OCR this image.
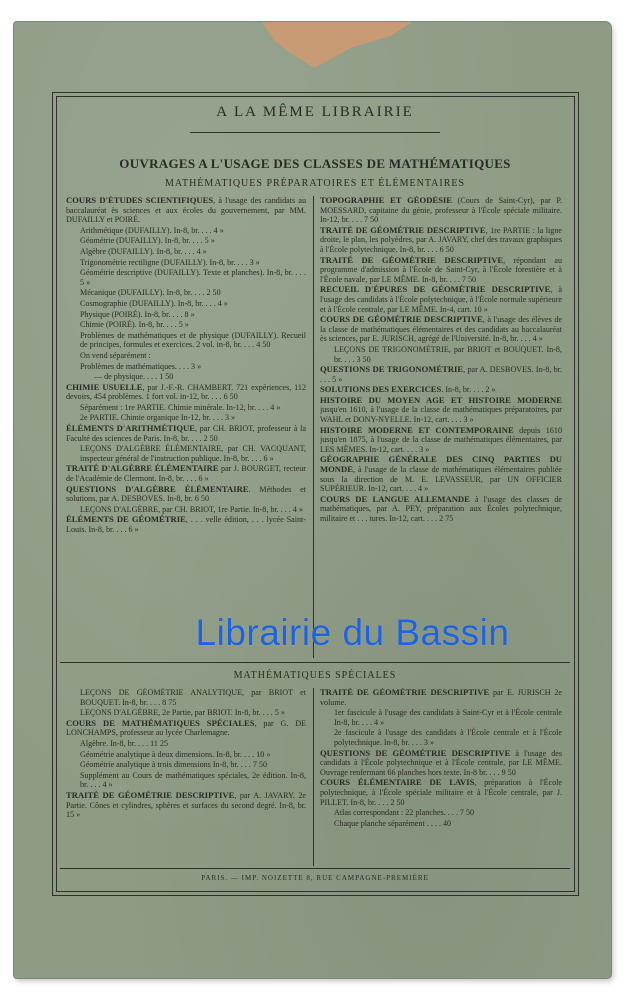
A LA MÊME LIBRAIRIE
OUVRAGES A L'USAGE DES CLASSES DE MATHÉMATIQUES
MATHÉMATIQUES PRÉPARATOIRES ET ÉLÉMENTAIRES

COURS D'ÉTUDES SCIENTIFIQUES, à l'usage des candidats au baccalauréat ès sciences et aux écoles du gouvernement, par MM. DUFAILLY et POIRÉ.

Arithmétique (DUFAILLY). In-8, br. . . . 4 »

Géométrie (DUFAILLY). In-8, br. . . . 5 »

Algèbre (DUFAILLY). In-8, br. . . . 4 »

Trigonométrie rectiligne (DUFAILLY). In-8, br. . . . 3 »

Géométrie descriptive (DUFAILLY). Texte et planches). In-8, br. . . . 5 »

Mécanique (DUFAILLY). In-8, br. . . . 2 50

Cosmographie (DUFAILLY). In-8, br. . . . 4 »

Physique (POIRÉ). In-8, br. . . . 8 »

Chimie (POIRÉ). In-8, br. . . . 5 »

Problèmes de mathématiques et de physique (DUFAILLY). Recueil de principes, formules et exercices. 2 vol. in-8, br. . . . 4 50

On vend séparément :

Problèmes de mathématiques. . . . 3 »

— de physique. . . . 1 50

CHIMIE USUELLE, par J.-F.-R. CHAMBERT. 721 expériences, 112 devoirs, 454 problèmes. 1 fort vol. in-12, br. . . . 6 50

Séparément : 1re PARTIE. Chimie minérale. In-12, br. . . . 4 »

2e PARTIE. Chimie organique In-12, br. . . . 3 »

ÉLÉMENTS D'ARITHMÉTIQUE, par CH. BRIOT, professeur à la Faculté des sciences de Paris. In-8, br. . . . 2 50

LEÇONS D'ALGÈBRE ÉLÉMENTAIRE, par CH. VACQUANT, inspecteur général de l'instruction publique. In-8, br. . . . 6 »

TRAITÉ D'ALGÈBRE ÉLÉMENTAIRE par J. BOURGET, recteur de l'Académie de Clermont. In-8, br. . . . 6 »

QUESTIONS D'ALGÈBRE ÉLÉMENTAIRE. Méthodes et solutions, par A. DESBOVES. In-8, br. 6 50

LEÇONS D'ALGÈBRE, par CH. BRIOT, 1re Partie. In-8, br. . . . 4 »

ÉLÉMENTS DE GÉOMÉTRIE, . . . velle édition, . . . lycée Saint-Louis. In-8, br. . . . 6 »

TOPOGRAPHIE ET GÉODÉSIE (Cours de Saint-Cyr), par P. MOESSARD, capitaine du génie, professeur à l'École spéciale militaire. In-12, br. . . . 7 50

TRAITÉ DE GÉOMÉTRIE DESCRIPTIVE, 1re PARTIE : la ligne droite, le plan, les polyèdres, par A. JAVARY, chef des travaux graphiques à l'École polytechnique. In-8, br. . . . 6 50

TRAITÉ DE GÉOMÉTRIE DESCRIPTIVE, répondant au programme d'admission à l'École de Saint-Cyr, à l'École forestière et à l'École navale, par LE MÊME. In-8, br. . . . 7 50

RECUEIL D'ÉPURES DE GÉOMÉTRIE DESCRIPTIVE, à l'usage des candidats à l'École polytechnique, à l'École normale supérieure et à l'École centrale, par LE MÊME. In-4, cart. 10 »

COURS DE GÉOMÉTRIE DESCRIPTIVE, à l'usage des élèves de la classe de mathématiques élémentaires et des candidats au baccalauréat ès sciences, par E. JURISCH, agrégé de l'Université. In-8, br. . . . 4 »

LEÇONS DE TRIGONOMÉTRIE, par BRIOT et BOUQUET. In-8, br. . . . 3 50

QUESTIONS DE TRIGONOMÉTRIE, par A. DESBOVES. In-8, br. . . . 5 »

SOLUTIONS DES EXERCICES. In-8, br. . . . 2 »

HISTOIRE DU MOYEN AGE ET HISTOIRE MODERNE jusqu'en 1610, à l'usage de la classe de mathématiques préparatoires, par WAHL et DONY-NYELLE. In-12, cart. . . . 3 »

HISTOIRE MODERNE ET CONTEMPORAINE depuis 1610 jusqu'en 1875, à l'usage de la classe de mathématiques élémentaires, par LES MÊMES. In-12, cart. . . . 3 »

GÉOGRAPHIE GÉNÉRALE DES CINQ PARTIES DU MONDE, à l'usage de la classe de mathématiques élémentaires publiée sous la direction de M. E. LEVASSEUR, par UN OFFICIER SUPÉRIEUR. In-12, cart. . . . 4 »

COURS DE LANGUE ALLEMANDE à l'usage des classes de mathématiques, par A. PEY, préparation aux Écoles polytechnique, militaire et . . . tures. In-12, cart. . . . 2 75

MATHÉMATIQUES SPÉCIALES

LEÇONS DE GÉOMÉTRIE ANALYTIQUE, par BRIOT et BOUQUET. In-8, br. . . . 8 75

LEÇONS D'ALGÈBRE, 2e Partie, par BRIOT. In-8, br. . . . 5 »

COURS DE MATHÉMATIQUES SPÉCIALES, par G. DE LONCHAMPS, professeur au lycée Charlemagne.

Algèbre. In-8, br. . . . 11 25

Géométrie analytique à deux dimensions. In-8, br. . . . 10 »

Géométrie analytique à trois dimensions In-8, br. . . . 7 50

Supplément au Cours de mathématiques spéciales, 2e édition. In-8, br. . . . 4 »

TRAITÉ DE GÉOMÉTRIE DESCRIPTIVE, par A. JAVARY. 2e Partie. Cônes et cylindres, sphères et surfaces du second degré. In-8, br. 15 »

TRAITÉ DE GÉOMÉTRIE DESCRIPTIVE par E. JURISCH 2e volume.

1er fascicule à l'usage des candidats à Saint-Cyr et à l'École centrale In-8, br. . . . 4 »

2e fascicule à l'usage des candidats à l'École centrale et à l'École polytechnique. In-8, br. . . . 3 »

QUESTIONS DE GÉOMÉTRIE DESCRIPTIVE à l'usage des candidats à l'École polytechnique et à l'École centrale, par LE MÊME. Ouvrage renfermant 66 planches hors texte. In-8 br. . . . 9 50

COURS ÉLÉMENTAIRE DE LAVIS, préparation à l'École polytechnique, à l'École spéciale militaire et à l'École centrale, par J. PILLET. In-8, br. . . . 2 50

Atlas correspondant : 22 planches. . . . 7 50

Chaque planche séparément . . . . 40

PARIS. — IMP. NOIZETTE 8, RUE CAMPAGNE-PREMIÈRE
Librairie du Bassin
